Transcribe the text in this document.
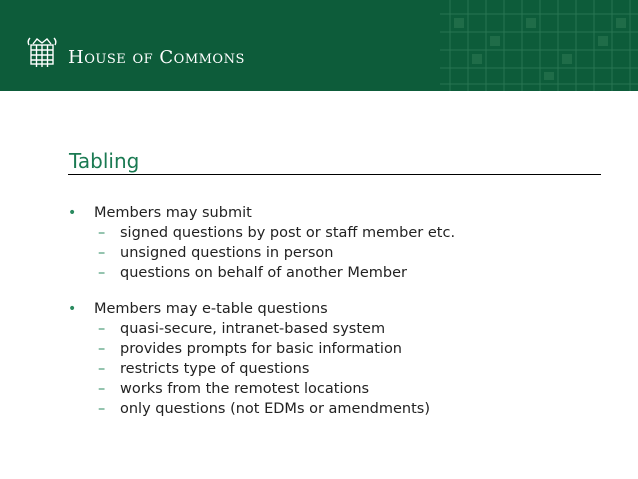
HOUSE OF COMMONS
Tabling
• Members may submit
– signed questions by post or staff member etc.
– unsigned questions in person
– questions on behalf of another Member
• Members may e-table questions
– quasi-secure, intranet-based system
– provides prompts for basic information
– restricts type of questions
– works from the remotest locations
– only questions (not EDMs or amendments)
